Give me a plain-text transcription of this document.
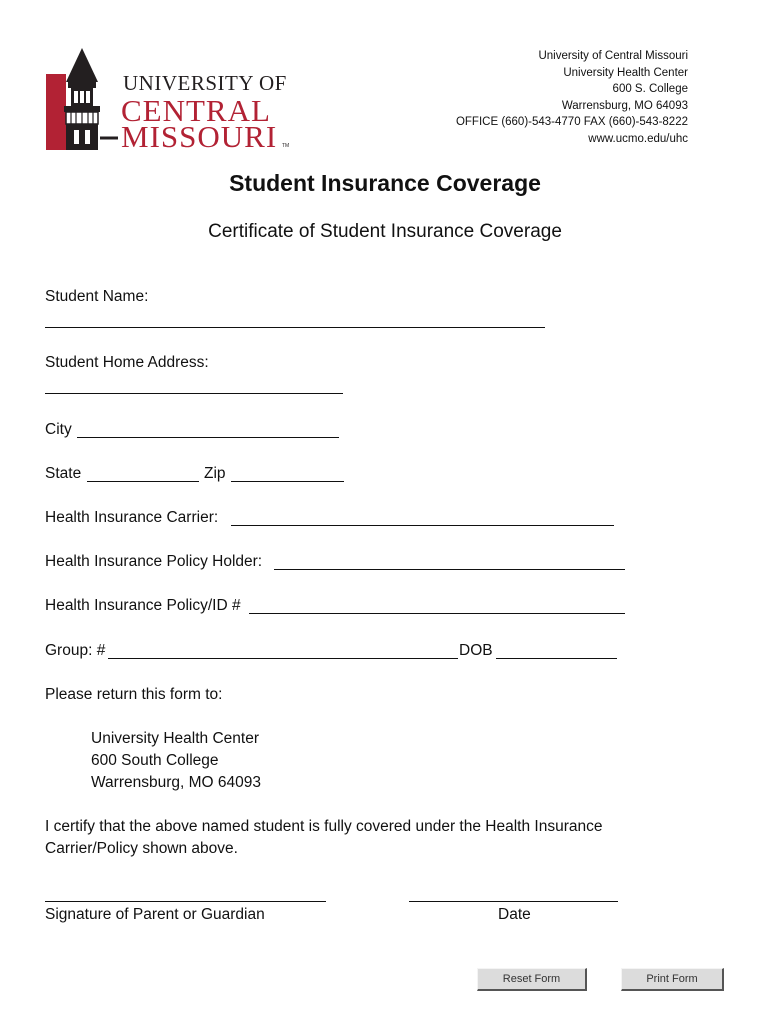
UNIVERSITY OF
CENTRAL
MISSOURI TM
University of Central Missouri
University Health Center
600 S. College
Warrensburg, MO 64093
OFFICE (660)-543-4770 FAX (660)-543-8222
www.ucmo.edu/uhc
Student Insurance Coverage
Certificate of Student Insurance Coverage
Student Name:
Student Home Address:
City
State	Zip
Health Insurance Carrier:
Health Insurance Policy Holder:
Health Insurance Policy/ID #
Group: #	DOB
Please return this form to:
University Health Center
600 South College
Warrensburg, MO 64093
I certify that the above named student is fully covered under the Health Insurance Carrier/Policy shown above.
Signature of Parent or Guardian	Date
Reset Form	Print Form
